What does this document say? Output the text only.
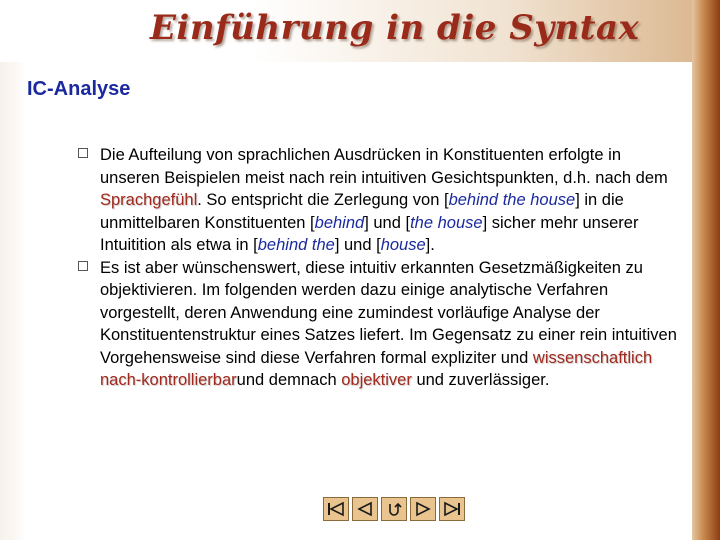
Einführung in die Syntax
IC-Analyse

Die Aufteilung von sprachlichen Ausdrücken in Konstituenten erfolgte in unseren Beispielen meist nach rein intuitiven Gesichtspunkten, d.h. nach dem Sprachgefühl. So entspricht die Zerlegung von [behind the house] in die unmittelbaren Konstituenten [behind] und [the house] sicher mehr unserer Intuitition als etwa in [behind the] und [house].

Es ist aber wünschenswert, diese intuitiv erkannten Gesetzmäßigkeiten zu objektivieren. Im folgenden werden dazu einige analytische Verfahren vorgestellt, deren Anwendung eine zumindest vorläufige Analyse der Konstituentenstruktur eines Satzes liefert. Im Gegensatz zu einer rein intuitiven Vorgehensweise sind diese Verfahren formal expliziter und wissenschaftlich nach-kontrollierbarund demnach objektiver und zuverlässiger.
